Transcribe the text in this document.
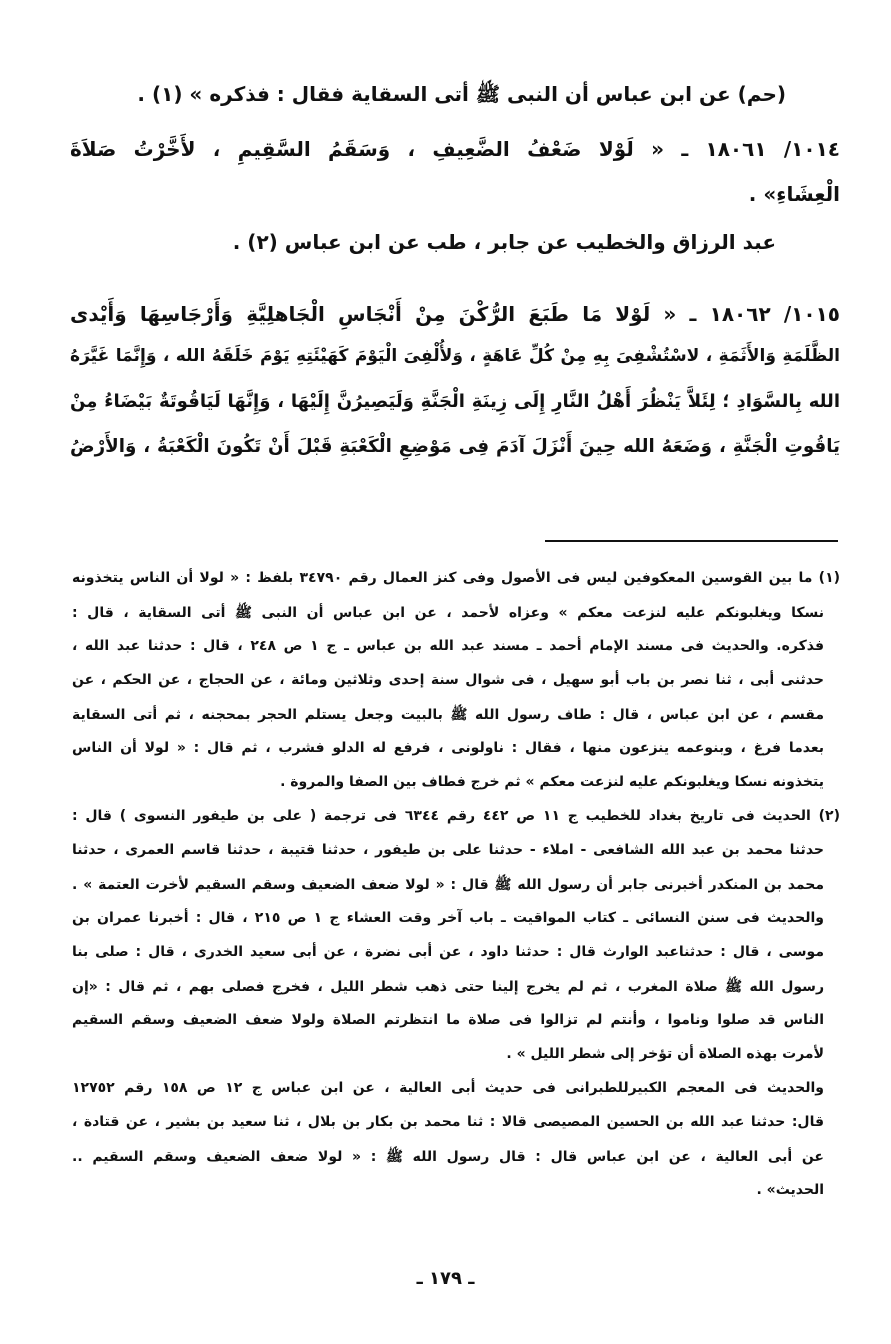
(حم) عن ابن عباس أن النبى ﷺ أتى السقاية فقال : فذكره » (١) .
١٠١٤/ ١٨٠٦١ ـ « لَوْلا ضَعْفُ الضَّعِيفِ ، وَسَقَمُ السَّقِيمِ ، لأَخَّرْتُ صَلاَةَ
الْعِشَاءِ» .
عبد الرزاق والخطيب عن جابر ، طب عن ابن عباس (٢) .
١٠١٥/ ١٨٠٦٢ ـ « لَوْلا مَا طَبَعَ الرُّكْنَ مِنْ أَنْجَاسِ الْجَاهلِيَّةِ وَأَرْجَاسِهَا وَأَيْدى
الظَّلَمَةِ وَالأَثَمَةِ ، لاسْتُشْفِىَ بِهِ مِنْ كُلِّ عَاهَةٍ ، وَلأُلْفِىَ الْيَوْمَ كَهَيْئَتِهِ يَوْمَ خَلَقَهُ الله ، وَإِنَّمَا غَيَّرَهُ
الله بِالسَّوَادِ ؛ لِئَلاَّ يَنْظُرَ أَهْلُ النَّارِ إِلَى زِينَةِ الْجَنَّةِ وَلَيَصِيرُنَّ إِلَيْهَا ، وَإِنَّهَا لَيَاقُوتَةٌ بَيْضَاءُ مِنْ
يَاقُوتِ الْجَنَّةِ ، وَضَعَهُ الله حِينَ أَنْزَلَ آدَمَ فِى مَوْضِعِ الْكَعْبَةِ قَبْلَ أَنْ تَكُونَ الْكَعْبَةُ ، وَالأَرْضُ
(١) ما بين القوسين المعكوفين ليس فى الأصول وفى كنز العمال رقم ٣٤٧٩٠ بلفظ : « لولا أن الناس يتخذونه
نسكا ويغلبونكم عليه لنزعت معكم » وعزاه لأحمد ، عن ابن عباس أن النبى ﷺ أتى السقاية ، قال :
فذكره. والحديث فى مسند الإمام أحمد ـ مسند عبد الله بن عباس ـ ج ١ ص ٢٤٨ ، قال : حدثنا عبد الله ،
حدثنى أبى ، ثنا نصر بن باب أبو سهيل ، فى شوال سنة إحدى وثلاثين ومائة ، عن الحجاج ، عن الحكم ، عن
مقسم ، عن ابن عباس ، قال : طاف رسول الله ﷺ بالبيت وجعل يستلم الحجر بمحجنه ، ثم أتى السقاية
بعدما فرغ ، وبنوعمه ينزعون منها ، فقال : ناولونى ، فرفع له الدلو فشرب ، ثم قال : « لولا أن الناس
يتخذونه نسكا ويغلبونكم عليه لنزعت معكم » ثم خرج فطاف بين الصفا والمروة .
(٢) الحديث فى تاريخ بغداد للخطيب ج ١١ ص ٤٤٢ رقم ٦٣٤٤ فى ترجمة ( على بن طيفور النسوى ) قال :
حدثنا محمد بن عبد الله الشافعى - املاء - حدثنا على بن طيفور ، حدثنا قتيبة ، حدثنا قاسم العمرى ، حدثنا
محمد بن المنكدر أخبرنى جابر أن رسول الله ﷺ قال : « لولا ضعف الضعيف وسقم السقيم لأخرت العتمة » .
والحديث فى سنن النسائى ـ كتاب المواقيت ـ باب آخر وقت العشاء ج ١ ص ٢١٥ ، قال : أخبرنا عمران بن
موسى ، قال : حدثناعبد الوارث قال : حدثنا داود ، عن أبى نضرة ، عن أبى سعيد الخدرى ، قال : صلى بنا
رسول الله ﷺ صلاة المغرب ، ثم لم يخرج إلينا حتى ذهب شطر الليل ، فخرج فصلى بهم ، ثم قال : «إن
الناس قد صلوا وناموا ، وأنتم لم تزالوا فى صلاة ما انتظرتم الصلاة ولولا ضعف الضعيف وسقم السقيم
لأمرت بهذه الصلاة أن تؤخر إلى شطر الليل » .
والحديث فى المعجم الكبيرللطبرانى فى حديث أبى العالية ، عن ابن عباس ج ١٢ ص ١٥٨ رقم ١٢٧٥٢
قال: حدثنا عبد الله بن الحسين المصيصى قالا : ثنا محمد بن بكار بن بلال ، ثنا سعيد بن بشير ، عن قتادة ،
عن أبى العالية ، عن ابن عباس قال : قال رسول الله ﷺ : « لولا ضعف الضعيف وسقم السقيم ..
الحديث» .
ـ ١٧٩ ـ
